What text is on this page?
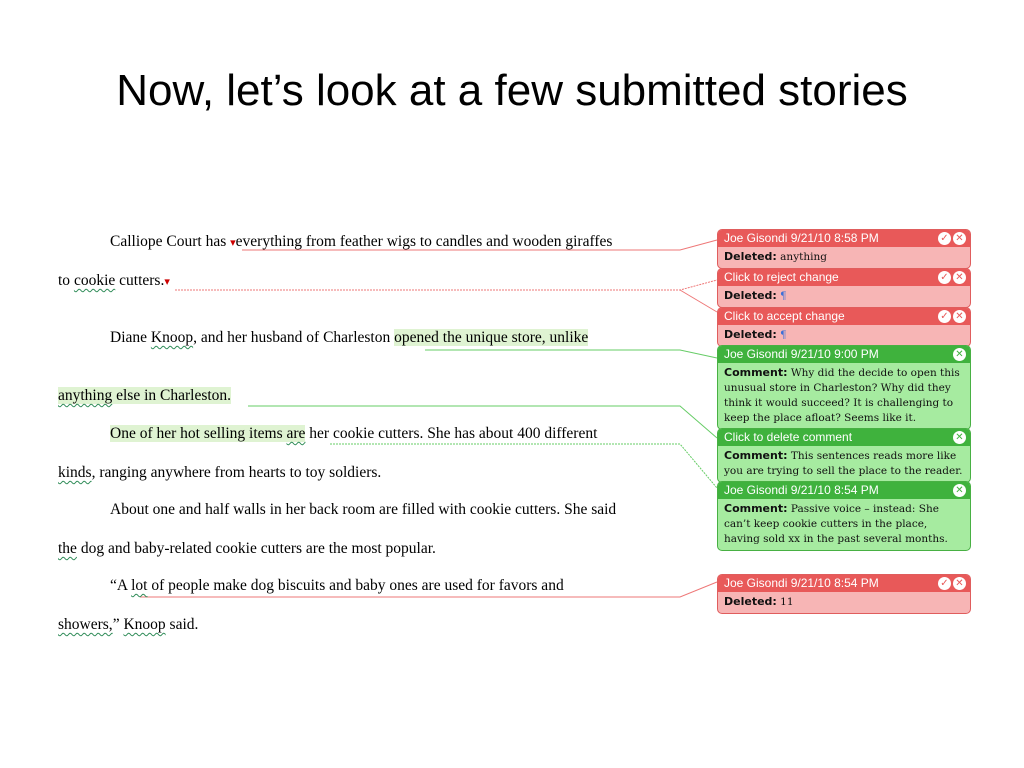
Now, let’s look at a few submitted stories
Calliope Court has ▾everything from feather wigs to candles and wooden giraffes
to cookie cutters.▾
Diane Knoop, and her husband of Charleston opened the unique store, unlike
anything else in Charleston.
One of her hot selling items are her cookie cutters. She has about 400 different
kinds, ranging anywhere from hearts to toy soldiers.
About one and half walls in her back room are filled with cookie cutters. She said
the dog and baby-related cookie cutters are the most popular.
“A lot of people make dog biscuits and baby ones are used for favors and
showers,” Knoop said.
Joe Gisondi 9/21/10 8:58 PM	✓ ✕
Deleted: anything
Click to reject change	✓ ✕
Deleted: ¶
Click to accept change	✓ ✕
Deleted: ¶
Joe Gisondi 9/21/10 9:00 PM	✕
Comment: Why did the decide to open this unusual store in Charleston? Why did they think it would succeed? It is challenging to keep the place afloat? Seems like it.
Click to delete comment	✕
Comment: This sentences reads more like you are trying to sell the place to the reader.
Joe Gisondi 9/21/10 8:54 PM	✕
Comment: Passive voice – instead: She can’t keep cookie cutters in the place, having sold xx in the past several months.
Joe Gisondi 9/21/10 8:54 PM	✓ ✕
Deleted: 11
